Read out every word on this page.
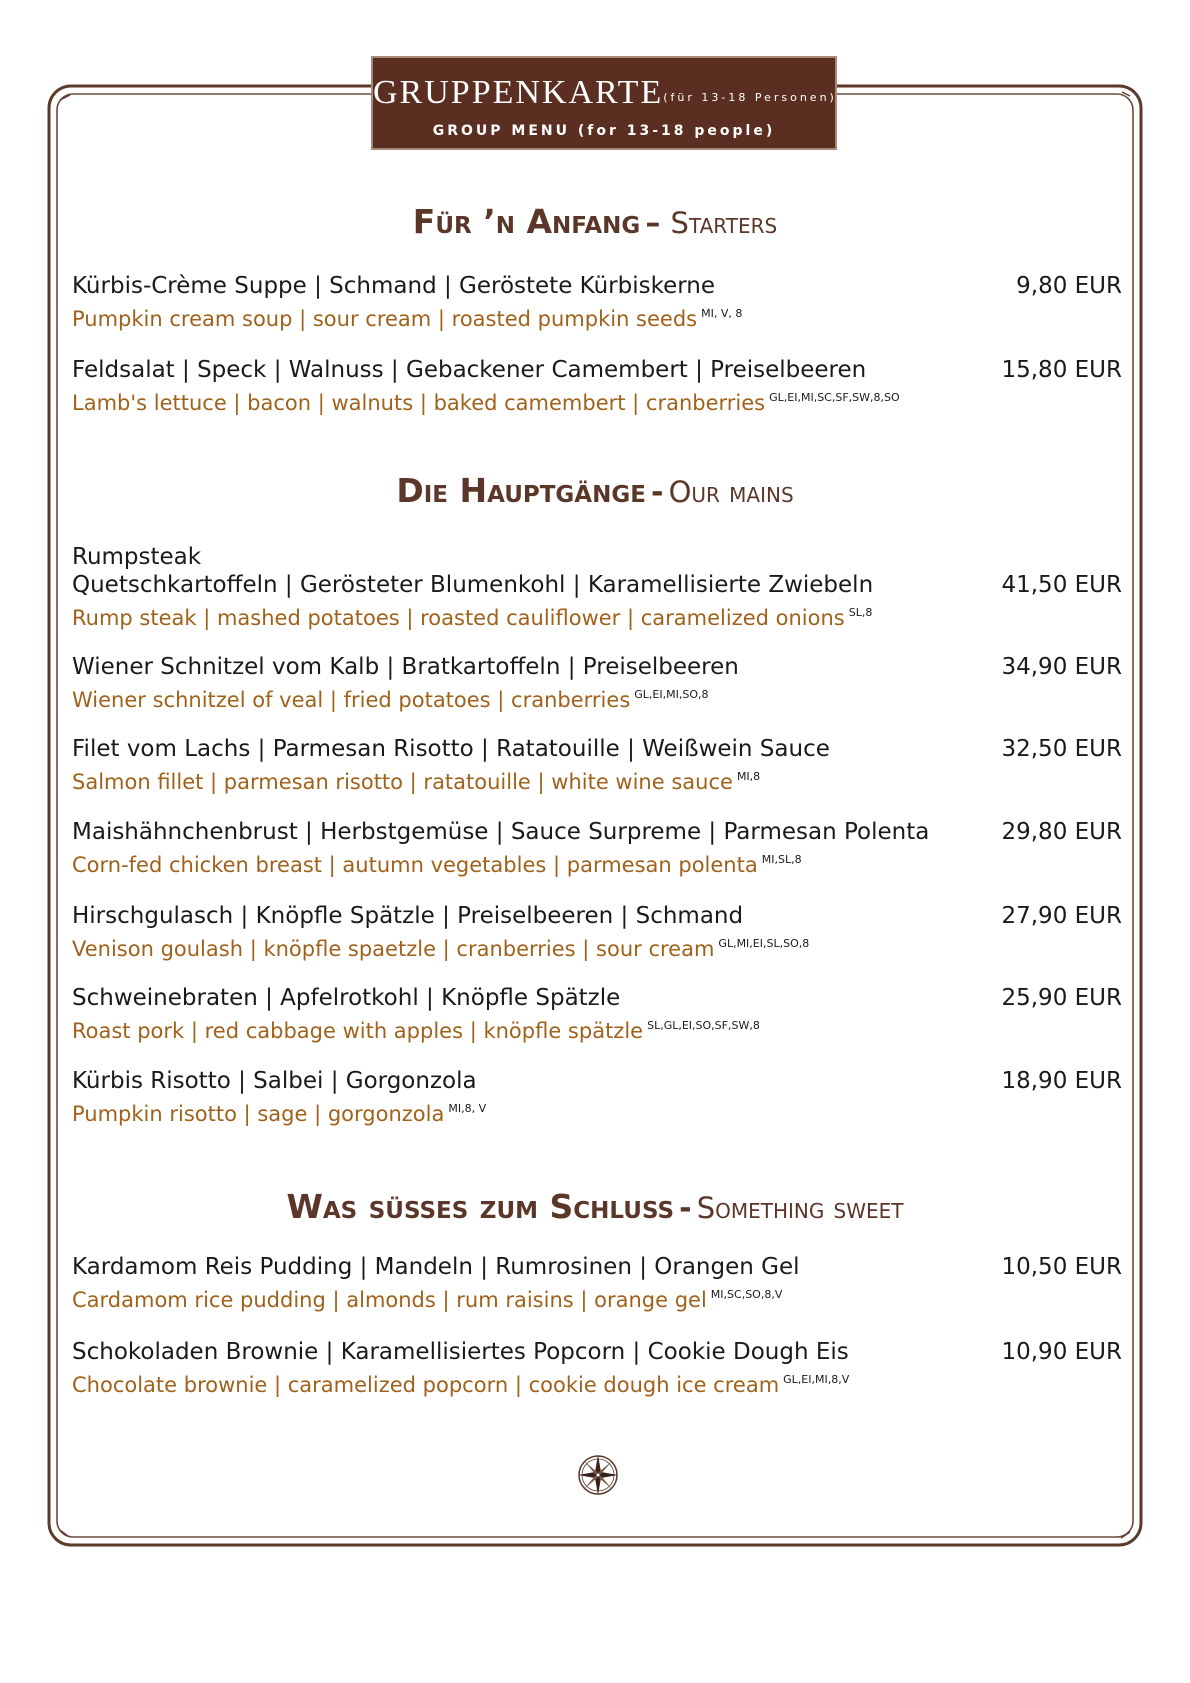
GRUPPENKARTE(für 13-18 Personen)
GROUP MENU (for 13-18 people)
Für ’n Anfang – Starters
Kürbis-Crème Suppe | Schmand | Geröstete Kürbiskerne
Pumpkin cream soup | sour cream | roasted pumpkin seeds $^{MI, V, 8}$
9,80 EUR
Feldsalat | Speck | Walnuss | Gebackener Camembert | Preiselbeeren
Lamb's lettuce | bacon | walnuts | baked camembert | cranberries $^{GL,EI,MI,SC,SF,SW,8,SO}$
15,80 EUR
Die Hauptgänge - Our mains
Rumpsteak
Quetschkartoffeln | Gerösteter Blumenkohl | Karamellisierte Zwiebeln
Rump steak | mashed potatoes | roasted cauliflower | caramelized onions $^{SL,8}$
41,50 EUR
Wiener Schnitzel vom Kalb | Bratkartoffeln | Preiselbeeren
Wiener schnitzel of veal | fried potatoes | cranberries $^{GL,EI,MI,SO,8}$
34,90 EUR
Filet vom Lachs | Parmesan Risotto | Ratatouille | Weißwein Sauce
Salmon fillet | parmesan risotto | ratatouille | white wine sauce $^{MI,8}$
32,50 EUR
Maishähnchenbrust | Herbstgemüse | Sauce Surpreme | Parmesan Polenta
Corn-fed chicken breast | autumn vegetables | parmesan polenta $^{MI,SL,8}$
29,80 EUR
Hirschgulasch | Knöpfle Spätzle | Preiselbeeren | Schmand
Venison goulash | knöpfle spaetzle | cranberries | sour cream $^{GL,MI,EI,SL,SO,8}$
27,90 EUR
Schweinebraten | Apfelrotkohl | Knöpfle Spätzle
Roast pork | red cabbage with apples | knöpfle spätzle $^{SL,GL,EI,SO,SF,SW,8}$
25,90 EUR
Kürbis Risotto | Salbei | Gorgonzola
Pumpkin risotto | sage | gorgonzola $^{MI,8, V}$
18,90 EUR
Was süsses zum Schluss - Something sweet
Kardamom Reis Pudding | Mandeln | Rumrosinen | Orangen Gel
Cardamom rice pudding | almonds | rum raisins | orange gel $^{MI,SC,SO,8,V}$
10,50 EUR
Schokoladen Brownie | Karamellisiertes Popcorn | Cookie Dough Eis
Chocolate brownie | caramelized popcorn | cookie dough ice cream $^{GL,EI,MI,8,V}$
10,90 EUR
